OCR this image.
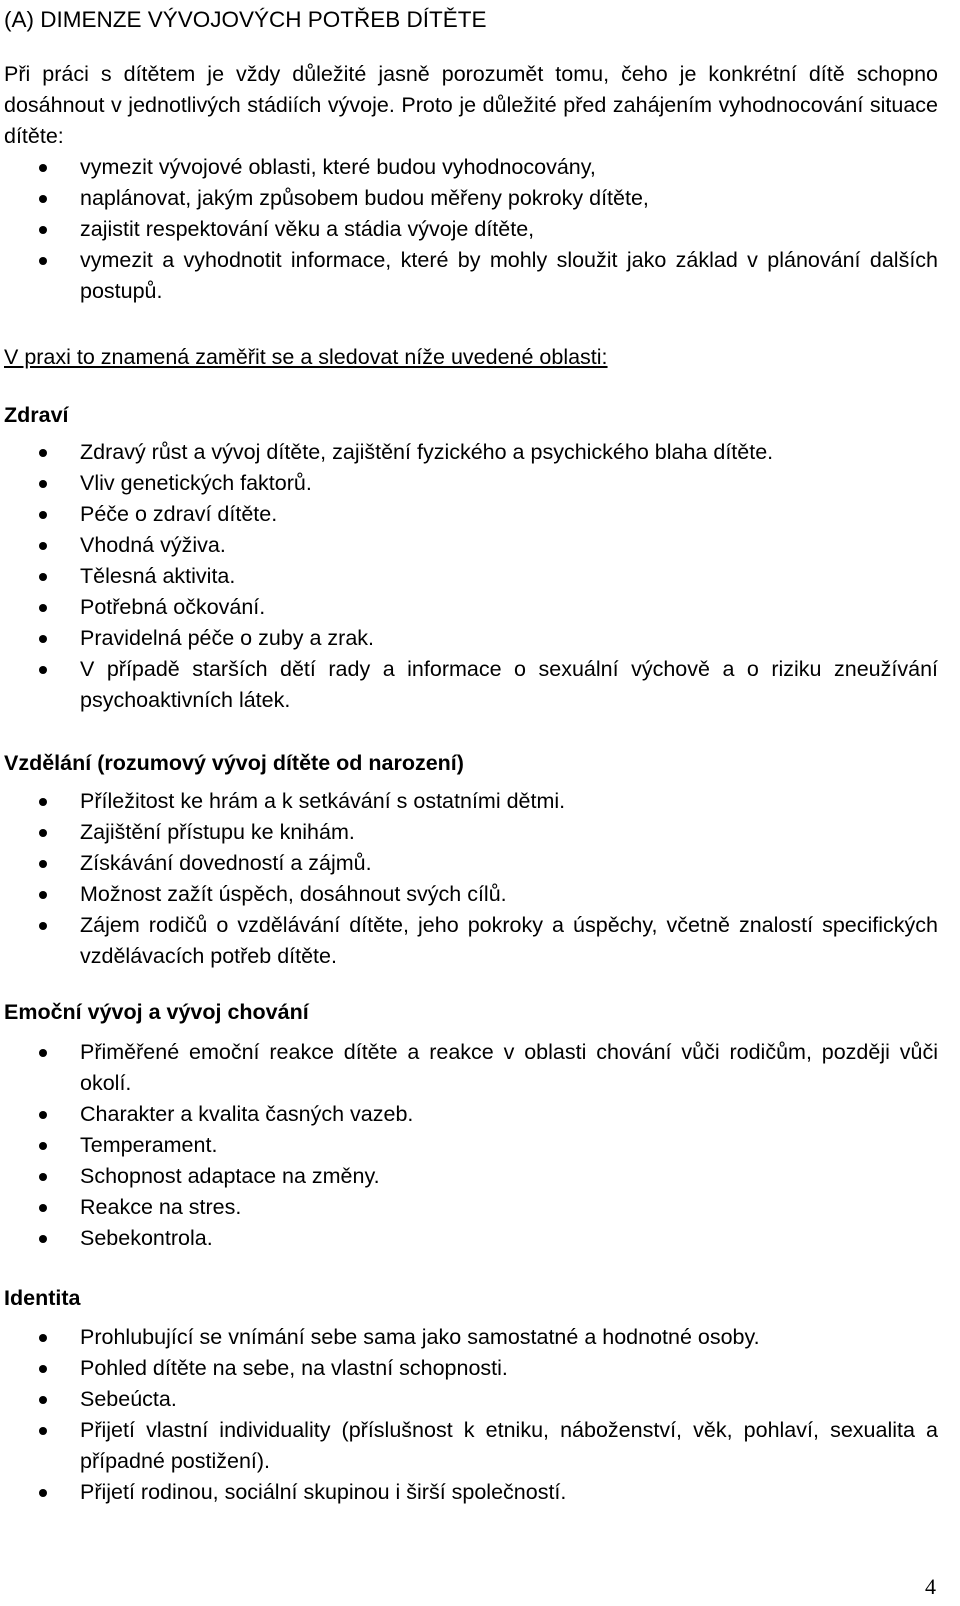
(A) DIMENZE VÝVOJOVÝCH POTŘEB DÍTĚTE
Při práci s dítětem je vždy důležité jasně porozumět tomu, čeho je konkrétní dítě schopno dosáhnout v jednotlivých stádiích vývoje. Proto je důležité před zahájením vyhodnocování situace dítěte:
vymezit vývojové oblasti, které budou vyhodnocovány,
naplánovat, jakým způsobem budou měřeny pokroky dítěte,
zajistit respektování věku a stádia vývoje dítěte,
vymezit a vyhodnotit informace, které by mohly sloužit jako základ v plánování dalších postupů.
V praxi to znamená zaměřit se a sledovat níže uvedené oblasti:
Zdraví
Zdravý růst a vývoj dítěte, zajištění fyzického a psychického blaha dítěte.
Vliv genetických faktorů.
Péče o zdraví dítěte.
Vhodná výživa.
Tělesná aktivita.
Potřebná očkování.
Pravidelná péče o zuby a zrak.
V případě starších dětí rady a informace o sexuální výchově a o riziku zneužívání psychoaktivních látek.
Vzdělání (rozumový vývoj dítěte od narození)
Příležitost ke hrám a k setkávání s ostatními dětmi.
Zajištění přístupu ke knihám.
Získávání dovedností a zájmů.
Možnost zažít úspěch, dosáhnout svých cílů.
Zájem rodičů o vzdělávání dítěte, jeho pokroky a úspěchy, včetně znalostí specifických vzdělávacích potřeb dítěte.
Emoční vývoj a vývoj chování
Přiměřené emoční reakce dítěte a reakce v oblasti chování vůči rodičům, později vůči okolí.
Charakter a kvalita časných vazeb.
Temperament.
Schopnost adaptace na změny.
Reakce na stres.
Sebekontrola.
Identita
Prohlubující se vnímání sebe sama jako samostatné a hodnotné osoby.
Pohled dítěte na sebe, na vlastní schopnosti.
Sebeúcta.
Přijetí vlastní individuality (příslušnost k etniku, náboženství, věk, pohlaví, sexualita a případné postižení).
Přijetí rodinou, sociální skupinou i širší společností.
4
